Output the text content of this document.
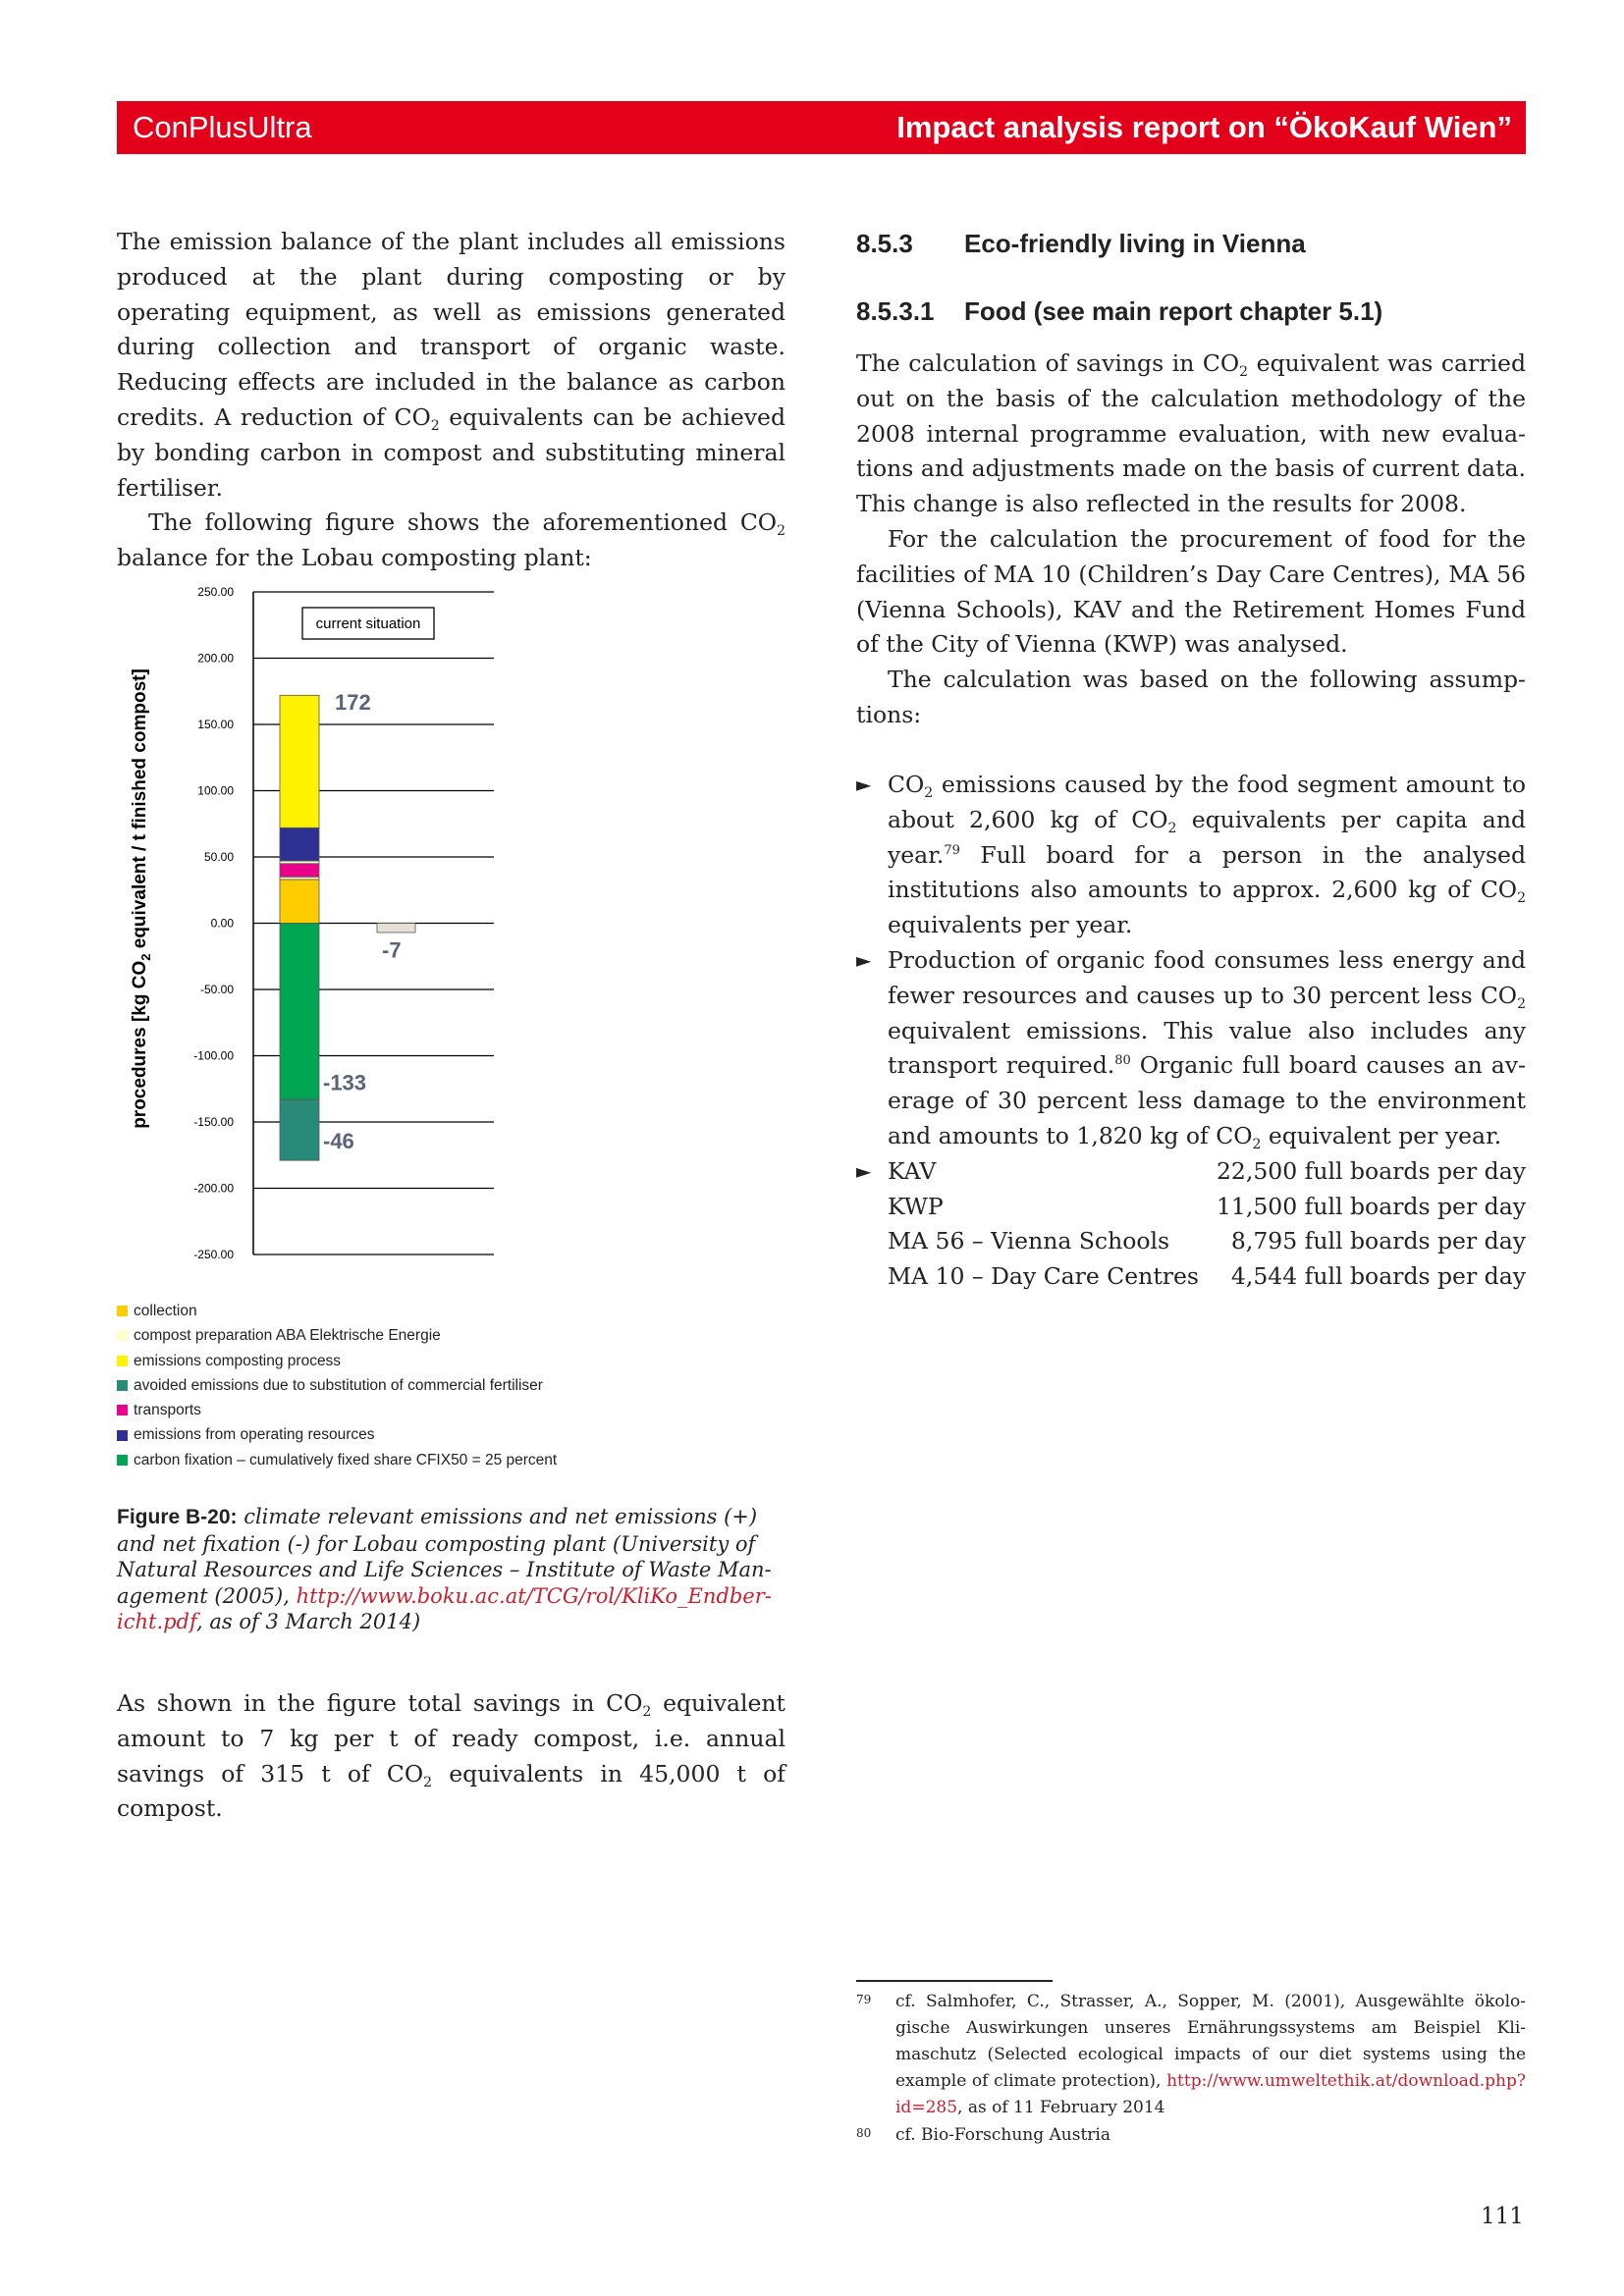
ConPlusUltra	Impact analysis report on “ÖkoKauf Wien”

The emission balance of the plant includes all emissions produced at the plant during composting or by operating equipment, as well as emissions generated during collection and transport of organic waste. Reducing effects are included in the balance as carbon credits. A reduction of $CO_2$ equivalents can be achieved by bonding carbon in compost and substituting mineral fertiliser.

The following figure shows the aforementioned $CO_2$ balance for the Lobau composting plant:

procedures [kg $CO_2$ equivalent / t finished compost]
250.00
200.00
150.00
100.00
50.00
0.00
-50.00
-100.00
-150.00
-200.00
-250.00
current situation
172
-7
-133
-46
collection
compost preparation ABA Elektrische Energie
emissions composting process
avoided emissions due to substitution of commercial fertiliser
transports
emissions from operating resources
carbon fixation – cumulatively fixed share CFIX50 = 25 percent
Figure B-20: climate relevant emissions and net emissions (+) and net fixation (-) for Lobau composting plant (University of Natural Resources and Life Sciences – Institute of Waste Management (2005), http://www.boku.ac.at/TCG/rol/KliKo_Endbericht.pdf, as of 3 March 2014)

As shown in the figure total savings in $CO_2$ equivalent amount to 7 kg per t of ready compost, i.e. annual savings of 315 t of $CO_2$ equivalents in 45,000 t of compost.

8.5.3 Eco-friendly living in Vienna
8.5.3.1 Food (see main report chapter 5.1)

The calculation of savings in $CO_2$ equivalent was carried out on the basis of the calculation methodology of the 2008 internal programme evaluation, with new evaluations and adjustments made on the basis of current data. This change is also reflected in the results for 2008.

For the calculation the procurement of food for the facilities of MA 10 (Children’s Day Care Centres), MA 56 (Vienna Schools), KAV and the Retirement Homes Fund of the City of Vienna (KWP) was analysed.

The calculation was based on the following assumptions:

► $CO_2$ emissions caused by the food segment amount to about 2,600 kg of $CO_2$ equivalents per capita and year.$^{79}$ Full board for a person in the analysed institutions also amounts to approx. 2,600 kg of $CO_2$ equivalents per year.
► Production of organic food consumes less energy and fewer resources and causes up to 30 percent less $CO_2$ equivalent emissions. This value also includes any transport required.$^{80}$ Organic full board causes an average of 30 percent less damage to the environment and amounts to 1,820 kg of $CO_2$ equivalent per year.
► KAV	22,500 full boards per day
KWP	11,500 full boards per day
MA 56 – Vienna Schools	8,795 full boards per day
MA 10 – Day Care Centres 4,544 full boards per day
79 cf. Salmhofer, C., Strasser, A., Sopper, M. (2001), Ausgewählte ökologische Auswirkungen unseres Ernährungssystems am Beispiel Klimaschutz (Selected ecological impacts of our diet systems using the example of climate protection), http://www.umweltethik.at/download.php?id=285, as of 11 February 2014
80 cf. Bio-Forschung Austria
111
